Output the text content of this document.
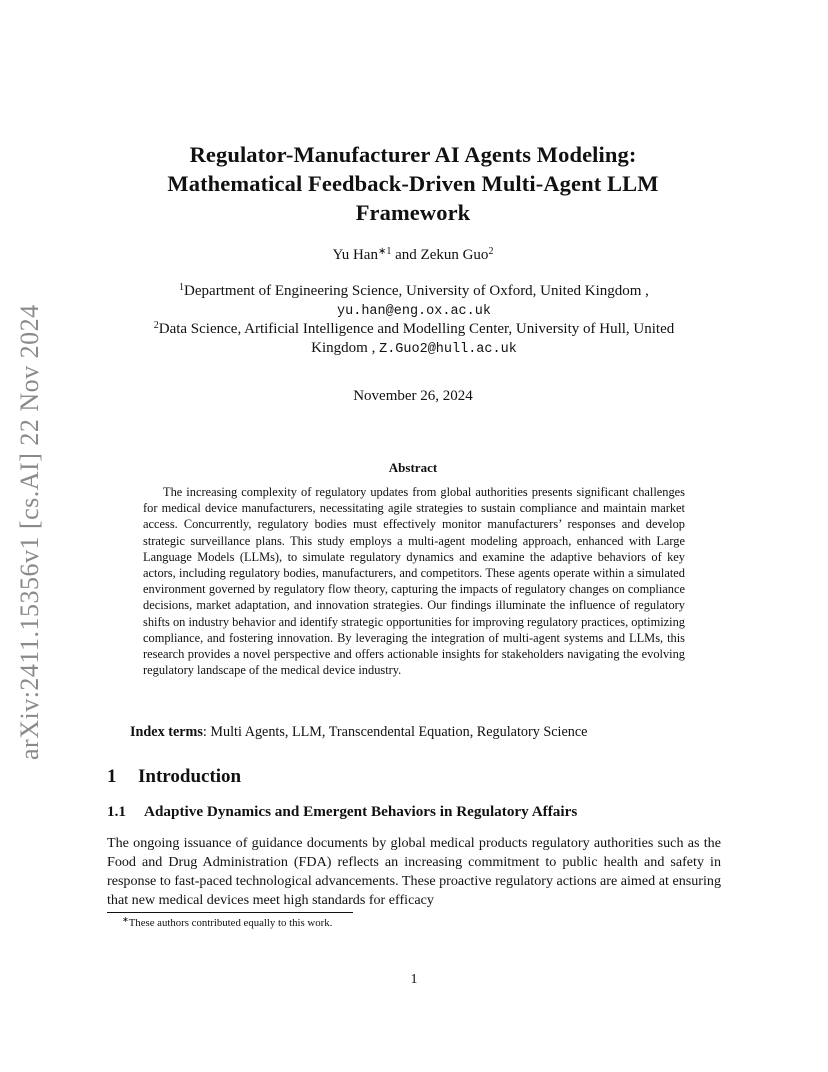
arXiv:2411.15356v1 [cs.AI] 22 Nov 2024
Regulator-Manufacturer AI Agents Modeling:
Mathematical Feedback-Driven Multi-Agent LLM
Framework
Yu Han$^{∗1}$ and Zekun Guo$^2$
$^1$Department of Engineering Science, University of Oxford, United Kingdom ,
yu.han@eng.ox.ac.uk
$^2$Data Science, Artificial Intelligence and Modelling Center, University of Hull, United
Kingdom , Z.Guo2@hull.ac.uk
November 26, 2024
Abstract
The increasing complexity of regulatory updates from global authorities presents significant challenges for medical device manufacturers, necessitating agile strategies to sustain compliance and maintain market access. Concurrently, regulatory bodies must effectively monitor manufacturers’ responses and develop strategic surveillance plans. This study employs a multi-agent modeling approach, enhanced with Large Language Models (LLMs), to simulate regulatory dynamics and examine the adaptive behaviors of key actors, including regulatory bodies, manufacturers, and competitors. These agents operate within a simulated environment governed by regulatory flow theory, capturing the impacts of regulatory changes on compliance decisions, market adaptation, and innovation strategies. Our findings illuminate the influence of regulatory shifts on industry behavior and identify strategic opportunities for improving regulatory practices, optimizing compliance, and fostering innovation. By leveraging the integration of multi-agent systems and LLMs, this research provides a novel perspective and offers actionable insights for stakeholders navigating the evolving regulatory landscape of the medical device industry.
Index terms: Multi Agents, LLM, Transcendental Equation, Regulatory Science
1 Introduction
1.1 Adaptive Dynamics and Emergent Behaviors in Regulatory Affairs
The ongoing issuance of guidance documents by global medical products regulatory authorities such as the Food and Drug Administration (FDA) reflects an increasing commitment to public health and safety in response to fast-paced technological advancements. These proactive regulatory actions are aimed at ensuring that new medical devices meet high standards for efficacy
∗These authors contributed equally to this work.
1
